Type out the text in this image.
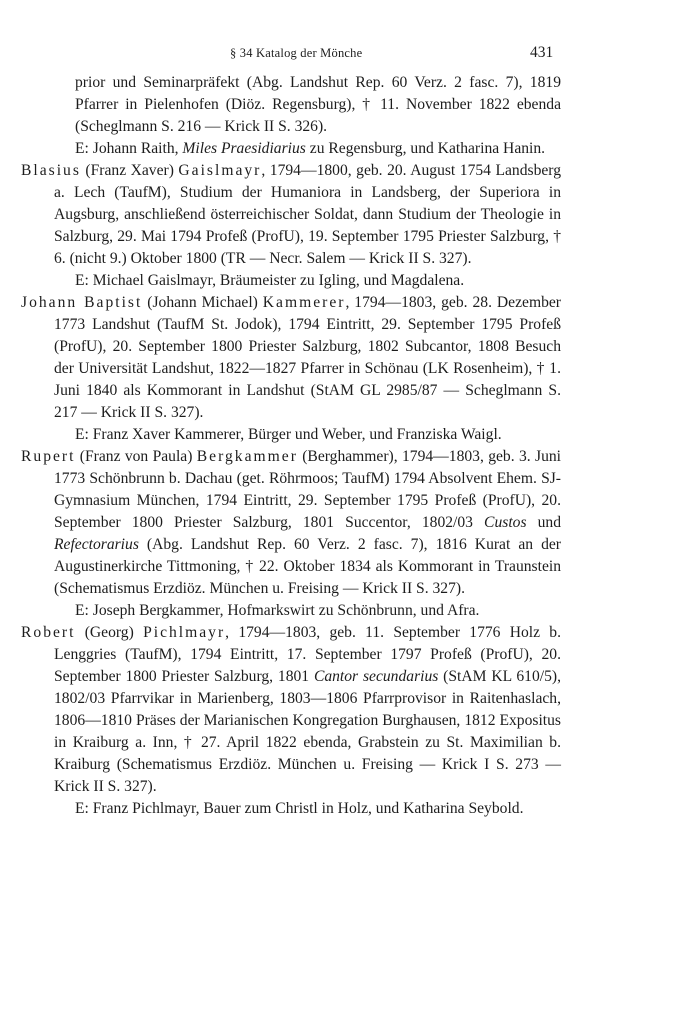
§ 34 Katalog der Mönche	431

prior und Seminarpräfekt (Abg. Landshut Rep. 60 Verz. 2 fasc. 7), 1819 Pfarrer in Pielenhofen (Diöz. Regensburg), † 11. November 1822 ebenda (Scheglmann S. 216 — Krick II S. 326).

E: Johann Raith, Miles Praesidiarius zu Regensburg, und Katharina Hanin.

Blasius (Franz Xaver) Gaislmayr, 1794—1800, geb. 20. August 1754 Landsberg a. Lech (TaufM), Studium der Humaniora in Landsberg, der Superiora in Augsburg, anschließend österreichischer Soldat, dann Studium der Theologie in Salzburg, 29. Mai 1794 Profeß (ProfU), 19. September 1795 Priester Salzburg, † 6. (nicht 9.) Oktober 1800 (TR — Necr. Salem — Krick II S. 327).

E: Michael Gaislmayr, Bräumeister zu Igling, und Magdalena.

Johann Baptist (Johann Michael) Kammerer, 1794—1803, geb. 28. Dezember 1773 Landshut (TaufM St. Jodok), 1794 Eintritt, 29. September 1795 Profeß (ProfU), 20. September 1800 Priester Salzburg, 1802 Subcantor, 1808 Besuch der Universität Landshut, 1822—1827 Pfarrer in Schönau (LK Rosenheim), † 1. Juni 1840 als Kommorant in Landshut (StAM GL 2985/87 — Scheglmann S. 217 — Krick II S. 327).

E: Franz Xaver Kammerer, Bürger und Weber, und Franziska Waigl.

Rupert (Franz von Paula) Bergkammer (Berghammer), 1794—1803, geb. 3. Juni 1773 Schönbrunn b. Dachau (get. Röhrmoos; TaufM) 1794 Absolvent Ehem. SJ-Gymnasium München, 1794 Eintritt, 29. September 1795 Profeß (ProfU), 20. September 1800 Priester Salzburg, 1801 Succentor, 1802/03 Custos und Refectorarius (Abg. Landshut Rep. 60 Verz. 2 fasc. 7), 1816 Kurat an der Augustinerkirche Tittmoning, † 22. Oktober 1834 als Kommorant in Traunstein (Schematismus Erzdiöz. München u. Freising — Krick II S. 327).

E: Joseph Bergkammer, Hofmarkswirt zu Schönbrunn, und Afra.

Robert (Georg) Pichlmayr, 1794—1803, geb. 11. September 1776 Holz b. Lenggries (TaufM), 1794 Eintritt, 17. September 1797 Profeß (ProfU), 20. September 1800 Priester Salzburg, 1801 Cantor secundarius (StAM KL 610/5), 1802/03 Pfarrvikar in Marienberg, 1803—1806 Pfarrprovisor in Raitenhaslach, 1806—1810 Präses der Marianischen Kongregation Burghausen, 1812 Expositus in Kraiburg a. Inn, † 27. April 1822 ebenda, Grabstein zu St. Maximilian b. Kraiburg (Schematismus Erzdiöz. München u. Freising — Krick I S. 273 — Krick II S. 327).

E: Franz Pichlmayr, Bauer zum Christl in Holz, und Katharina Seybold.
